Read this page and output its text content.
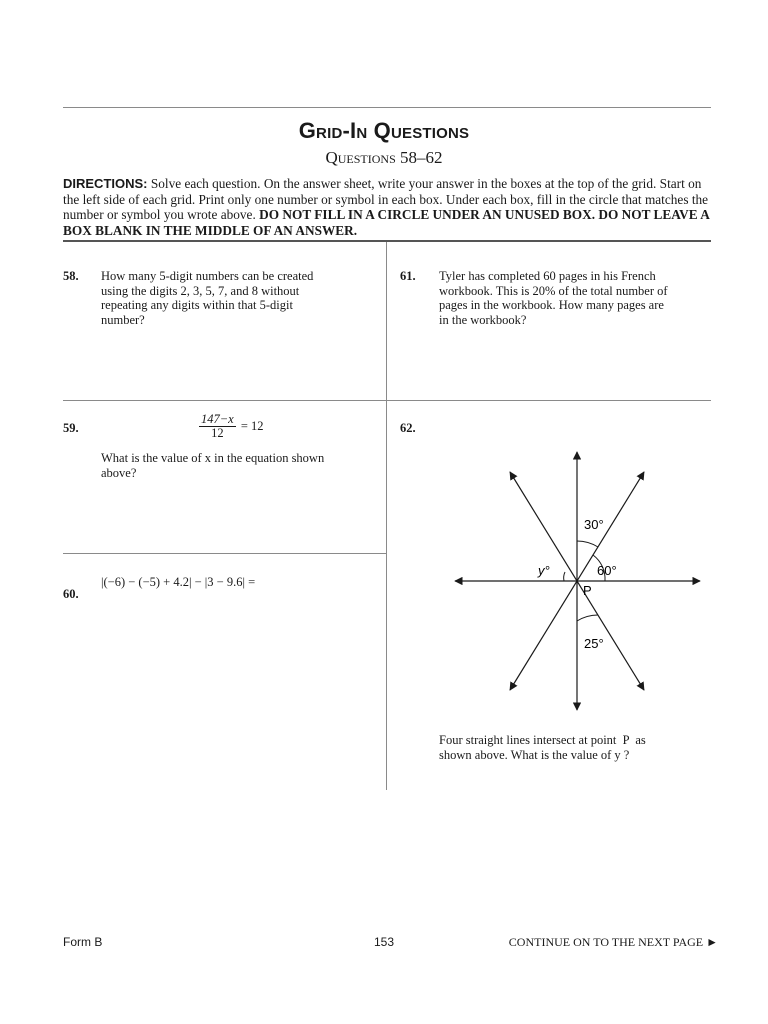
Grid-In Questions
Questions 58–62
DIRECTIONS: Solve each question. On the answer sheet, write your answer in the boxes at the top of the grid. Start on the left side of each grid. Print only one number or symbol in each box. Under each box, fill in the circle that matches the number or symbol you wrote above. DO NOT FILL IN A CIRCLE UNDER AN UNUSED BOX. DO NOT LEAVE A BOX BLANK IN THE MIDDLE OF AN ANSWER.
58. How many 5-digit numbers can be created
using the digits 2, 3, 5, 7, and 8 without
repeating any digits within that 5-digit
number?
61. Tyler has completed 60 pages in his French
workbook. This is 20% of the total number of
pages in the workbook. How many pages are
in the workbook?
59.	$\frac{147-x}{12} = 12$
What is the value of x in the equation shown
above?
|(−6) − (−5) + 4.2| − |3 − 9.6| =
60.
62.
30°
60°
y°
P
25°
Four straight lines intersect at point  P  as
shown above. What is the value of y ?
Form B	153	CONTINUE ON TO THE NEXT PAGE ►
